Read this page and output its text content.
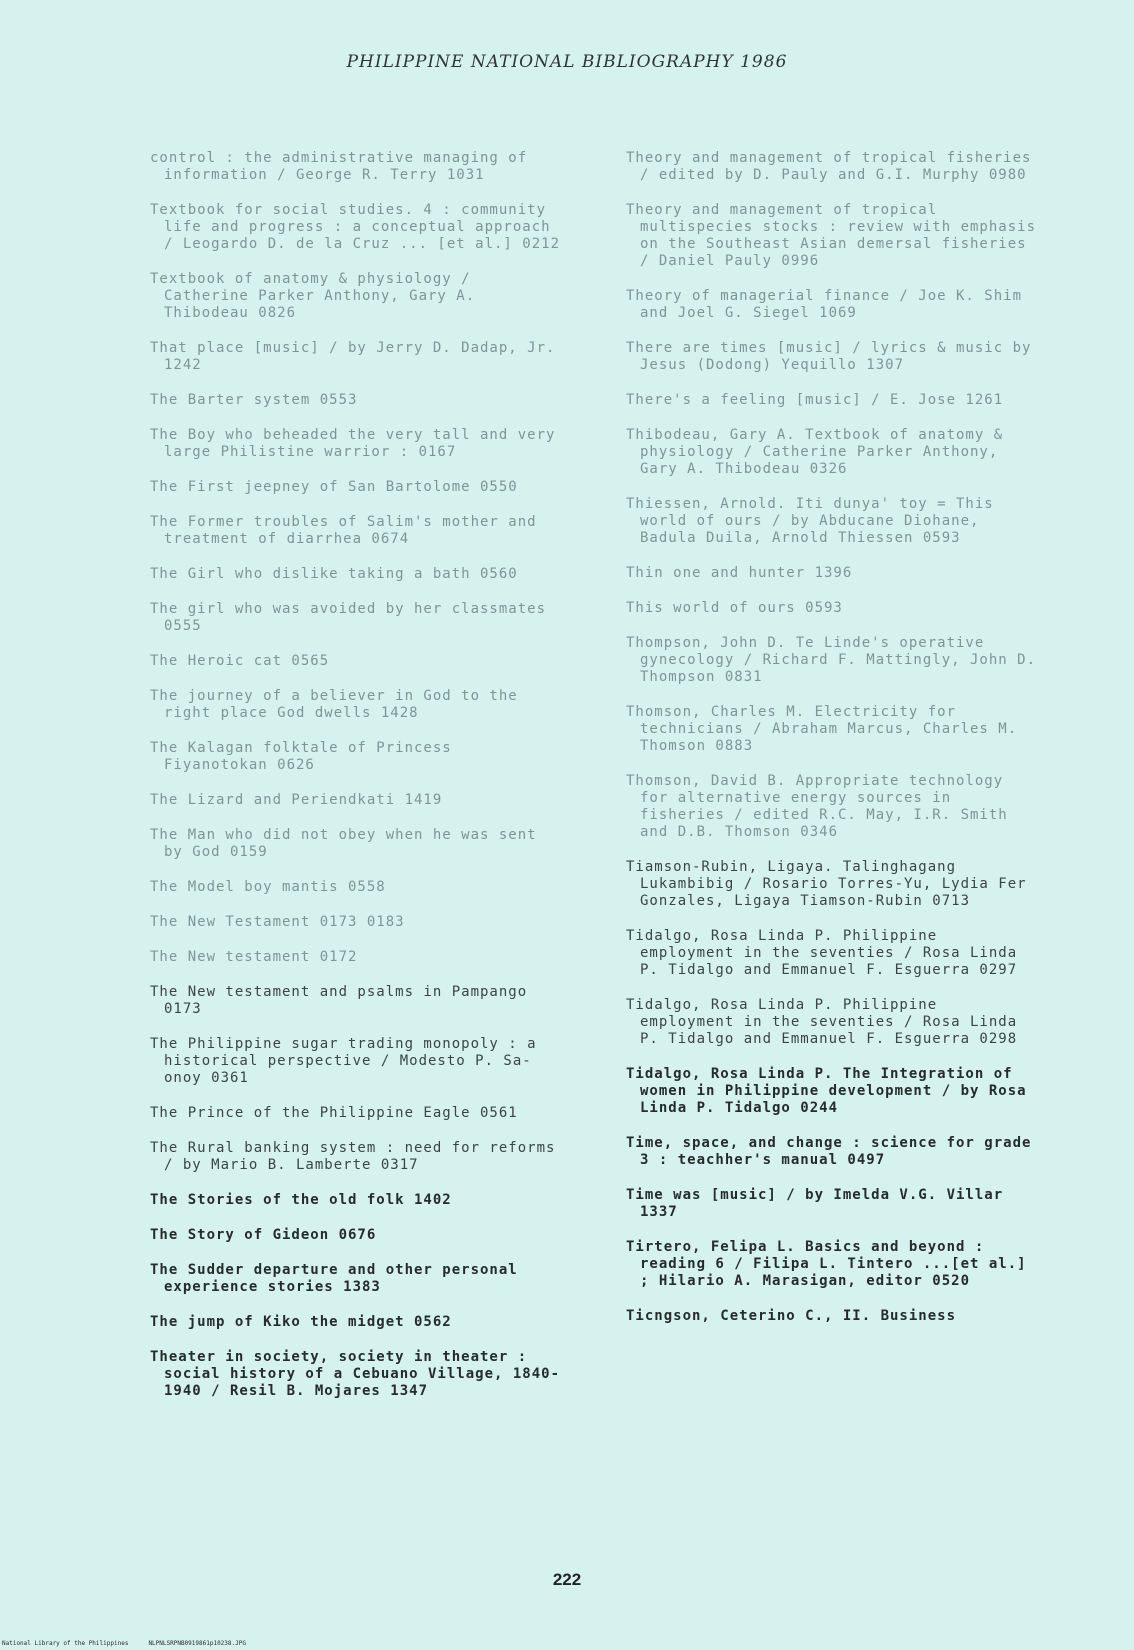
PHILIPPINE NATIONAL BIBLIOGRAPHY 1986
control : the administrative managing of information / George R. Terry 1031
Textbook for social studies. 4 : community life and progress : a conceptual approach / Leogardo D. de la Cruz ... [et al.] 0212
Textbook of anatomy & physiology / Catherine Parker Anthony, Gary A. Thibodeau 0826
That place [music] / by Jerry D. Dadap, Jr. 1242
The Barter system 0553
The Boy who beheaded the very tall and very large Philistine warrior : 0167
The First jeepney of San Bartolome 0550
The Former troubles of Salim's mother and treatment of diarrhea 0674
The Girl who dislike taking a bath 0560
The girl who was avoided by her classmates 0555
The Heroic cat 0565
The journey of a believer in God to the right place God dwells 1428
The Kalagan folktale of Princess Fiyanotokan 0626
The Lizard and Periendkati 1419
The Man who did not obey when he was sent by God 0159
The Model boy mantis 0558
The New Testament 0173 0183
The New testament 0172
The New testament and psalms in Pampango 0173
The Philippine sugar trading monopoly : a historical perspective / Modesto P. Sa-onoy 0361
The Prince of the Philippine Eagle 0561
The Rural banking system : need for reforms / by Mario B. Lamberte 0317
The Stories of the old folk 1402
The Story of Gideon 0676
The Sudder departure and other personal experience stories 1383
The jump of Kiko the midget 0562
Theater in society, society in theater : social history of a Cebuano Village, 1840-1940 / Resil B. Mojares 1347
Theory and management of tropical fisheries / edited by D. Pauly and G.I. Murphy 0980
Theory and management of tropical multispecies stocks : review with emphasis on the Southeast Asian demersal fisheries / Daniel Pauly 0996
Theory of managerial finance / Joe K. Shim and Joel G. Siegel 1069
There are times [music] / lyrics & music by Jesus (Dodong) Yequillo 1307
There's a feeling [music] / E. Jose 1261
Thibodeau, Gary A. Textbook of anatomy & physiology / Catherine Parker Anthony, Gary A. Thibodeau 0326
Thiessen, Arnold. Iti dunya' toy = This world of ours / by Abducane Diohane, Badula Duila, Arnold Thiessen 0593
Thin one and hunter 1396
This world of ours 0593
Thompson, John D. Te Linde's operative gynecology / Richard F. Mattingly, John D. Thompson 0831
Thomson, Charles M. Electricity for technicians / Abraham Marcus, Charles M. Thomson 0883
Thomson, David B. Appropriate technology for alternative energy sources in fisheries / edited R.C. May, I.R. Smith and D.B. Thomson 0346
Tiamson-Rubin, Ligaya. Talinghagang Lukambibig / Rosario Torres-Yu, Lydia Fer Gonzales, Ligaya Tiamson-Rubin 0713
Tidalgo, Rosa Linda P. Philippine employment in the seventies / Rosa Linda P. Tidalgo and Emmanuel F. Esguerra 0297
Tidalgo, Rosa Linda P. Philippine employment in the seventies / Rosa Linda P. Tidalgo and Emmanuel F. Esguerra 0298
Tidalgo, Rosa Linda P. The Integration of women in Philippine development / by Rosa Linda P. Tidalgo 0244
Time, space, and change : science for grade 3 : teachher's manual 0497
Time was [music] / by Imelda V.G. Villar 1337
Tirtero, Felipa L. Basics and beyond : reading 6 / Filipa L. Tintero ...[et al.] ; Hilario A. Marasigan, editor 0520
Ticngson, Ceterino C., II. Business
222
National Library of the Philippines	NLPNLSRPNB0919861p10238.JPG
